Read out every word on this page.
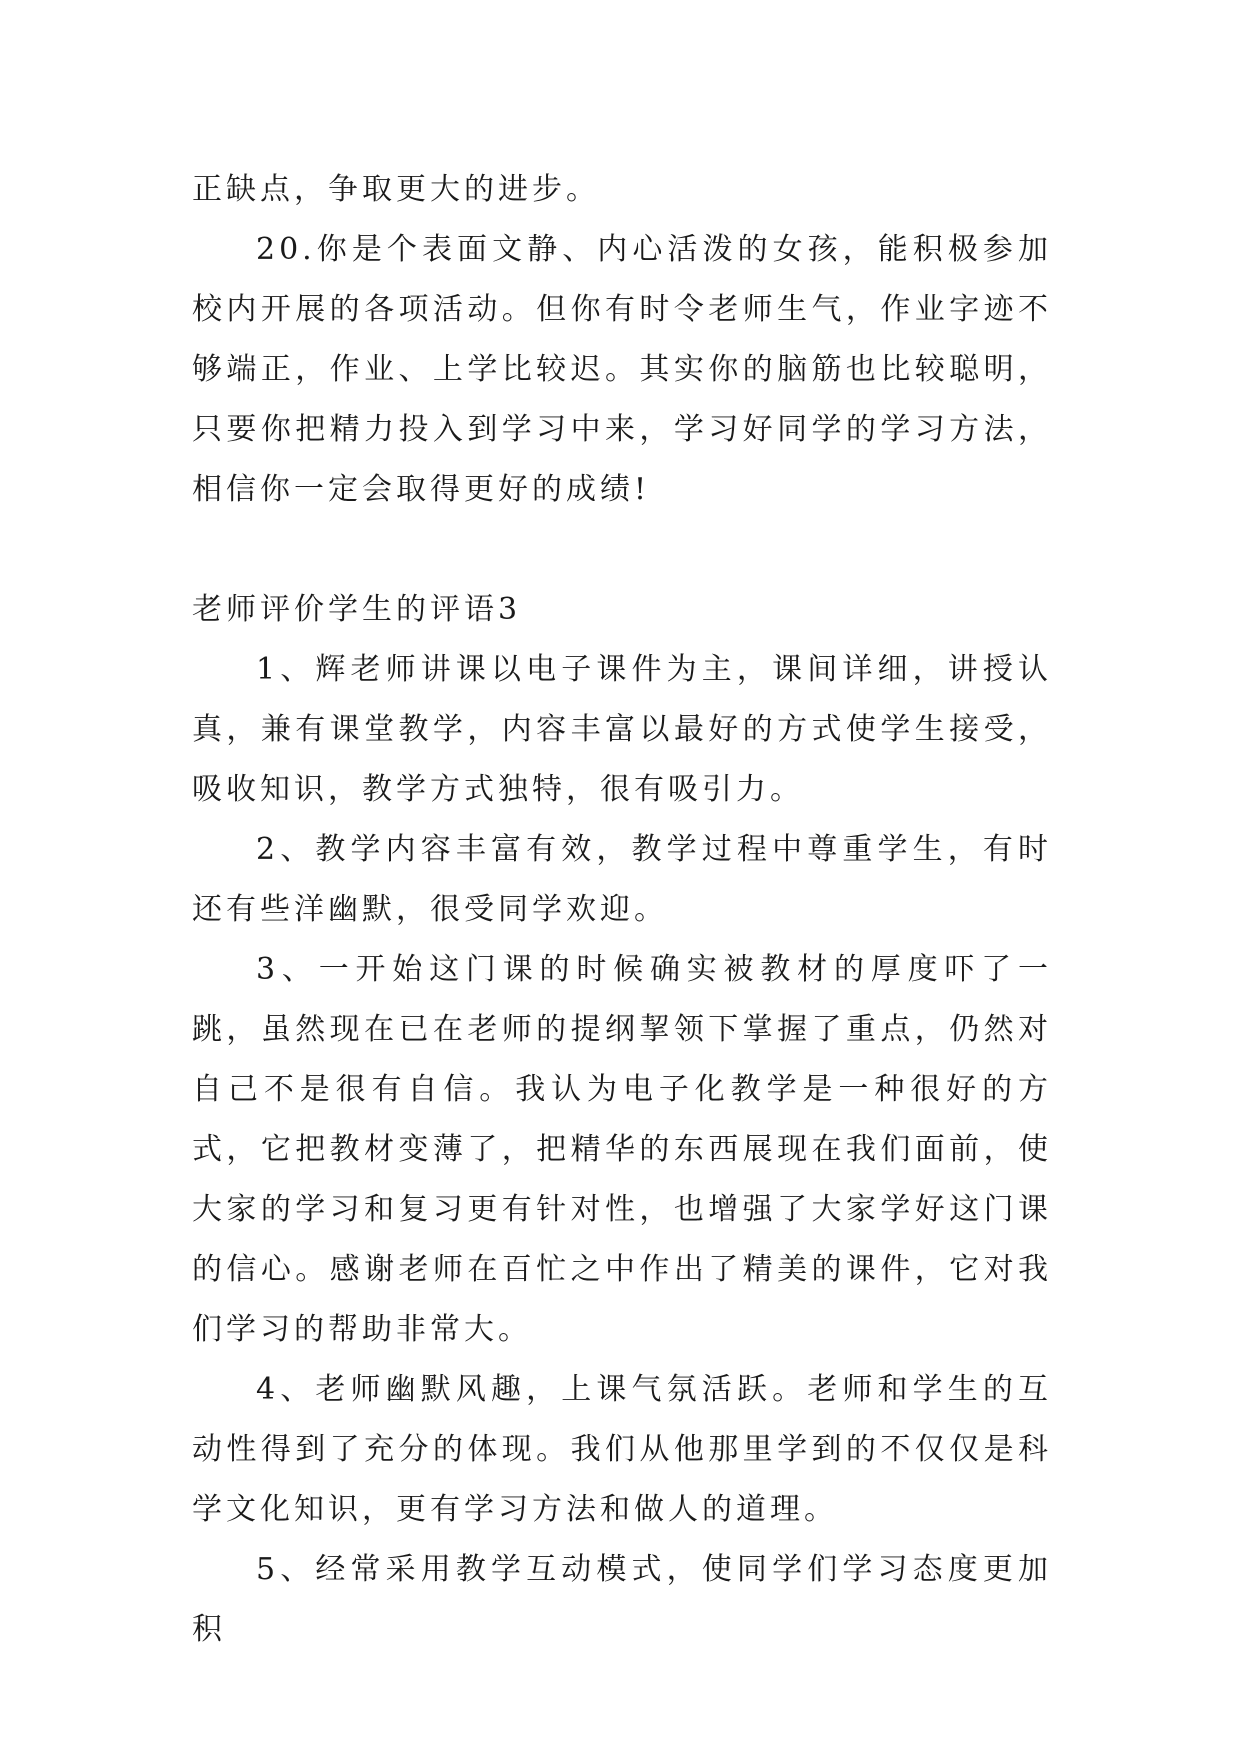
正缺点，争取更大的进步。

20.你是个表面文静、内心活泼的女孩，能积极参加校内开展的各项活动。但你有时令老师生气，作业字迹不够端正，作业、上学比较迟。其实你的脑筋也比较聪明，只要你把精力投入到学习中来，学习好同学的学习方法，相信你一定会取得更好的成绩!

老师评价学生的评语3

1、辉老师讲课以电子课件为主，课间详细，讲授认真，兼有课堂教学，内容丰富以最好的方式使学生接受，吸收知识，教学方式独特，很有吸引力。

2、教学内容丰富有效，教学过程中尊重学生，有时还有些洋幽默，很受同学欢迎。

3、一开始这门课的时候确实被教材的厚度吓了一跳，虽然现在已在老师的提纲挈领下掌握了重点，仍然对自己不是很有自信。我认为电子化教学是一种很好的方式，它把教材变薄了，把精华的东西展现在我们面前，使大家的学习和复习更有针对性，也增强了大家学好这门课的信心。感谢老师在百忙之中作出了精美的课件，它对我们学习的帮助非常大。

4、老师幽默风趣，上课气氛活跃。老师和学生的互动性得到了充分的体现。我们从他那里学到的不仅仅是科学文化知识，更有学习方法和做人的道理。

5、经常采用教学互动模式，使同学们学习态度更加积
